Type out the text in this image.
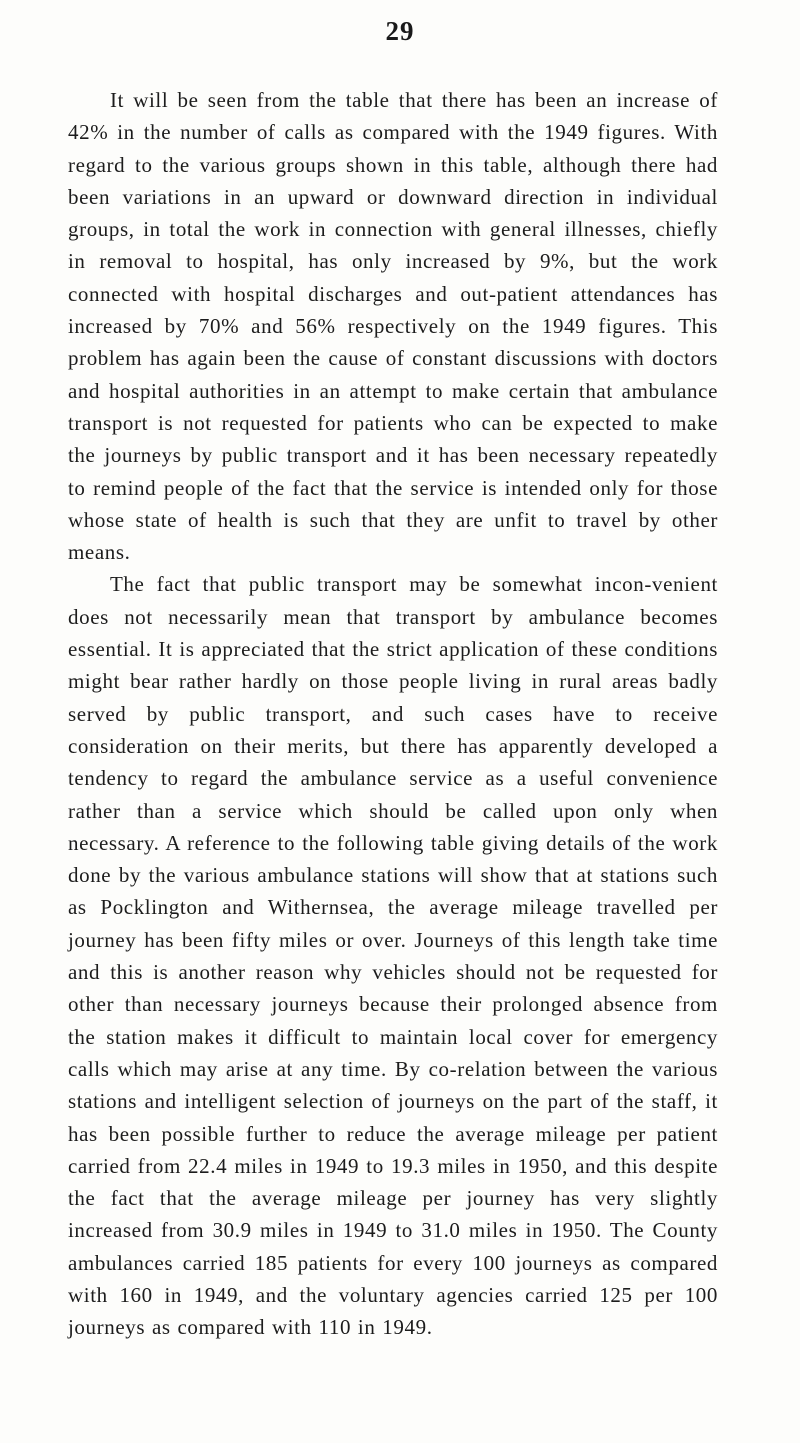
29

It will be seen from the table that there has been an increase of 42% in the number of calls as compared with the 1949 figures. With regard to the various groups shown in this table, although there had been variations in an upward or downward direction in individual groups, in total the work in connection with general illnesses, chiefly in removal to hospital, has only increased by 9%, but the work connected with hospital discharges and out-patient attendances has increased by 70% and 56% respectively on the 1949 figures. This problem has again been the cause of constant discussions with doctors and hospital authorities in an attempt to make certain that ambulance transport is not requested for patients who can be expected to make the journeys by public transport and it has been necessary repeatedly to remind people of the fact that the service is intended only for those whose state of health is such that they are unfit to travel by other means.

The fact that public transport may be somewhat incon-venient does not necessarily mean that transport by ambulance becomes essential. It is appreciated that the strict application of these conditions might bear rather hardly on those people living in rural areas badly served by public transport, and such cases have to receive consideration on their merits, but there has apparently developed a tendency to regard the ambulance service as a useful convenience rather than a service which should be called upon only when necessary. A reference to the following table giving details of the work done by the various ambulance stations will show that at stations such as Pocklington and Withernsea, the average mileage travelled per journey has been fifty miles or over. Journeys of this length take time and this is another reason why vehicles should not be requested for other than necessary journeys because their prolonged absence from the station makes it difficult to maintain local cover for emergency calls which may arise at any time. By co-relation between the various stations and intelligent selection of journeys on the part of the staff, it has been possible further to reduce the average mileage per patient carried from 22.4 miles in 1949 to 19.3 miles in 1950, and this despite the fact that the average mileage per journey has very slightly increased from 30.9 miles in 1949 to 31.0 miles in 1950. The County ambulances carried 185 patients for every 100 journeys as compared with 160 in 1949, and the voluntary agencies carried 125 per 100 journeys as compared with 110 in 1949.
